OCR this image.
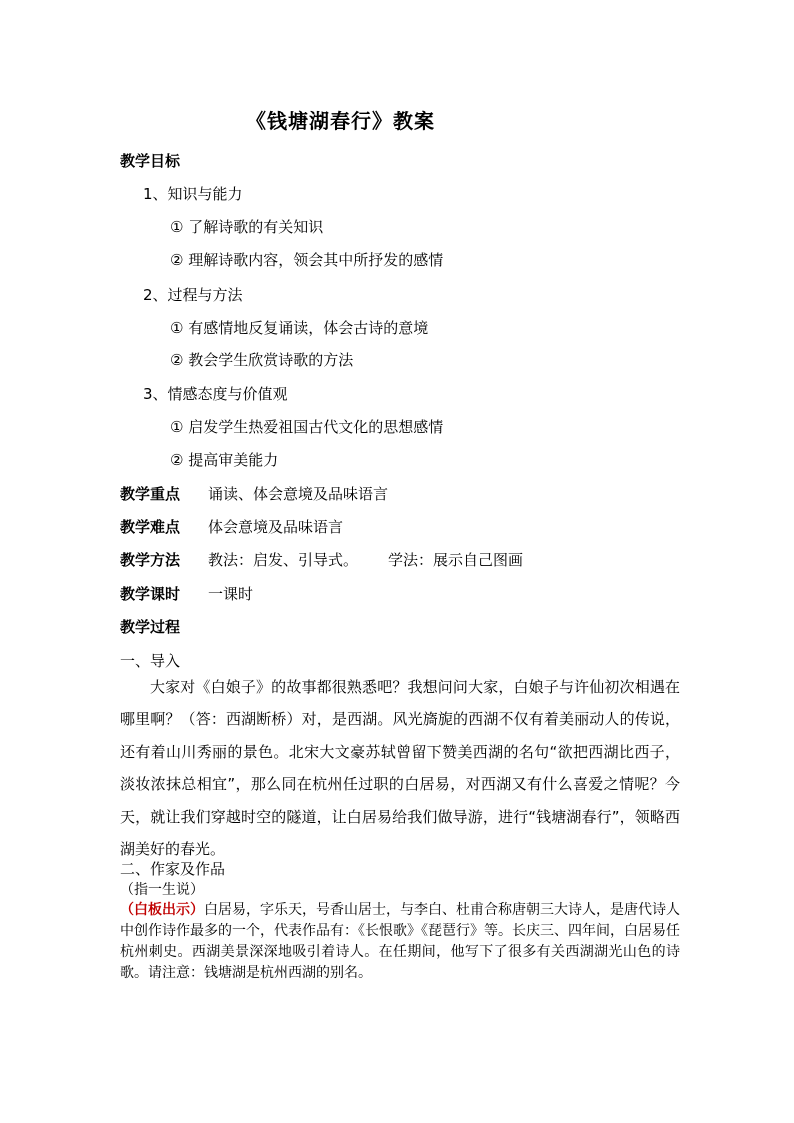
《钱塘湖春行》教案
教学目标
1、知识与能力
① 了解诗歌的有关知识
② 理解诗歌内容，领会其中所抒发的感情
2、过程与方法
① 有感情地反复诵读，体会古诗的意境
② 教会学生欣赏诗歌的方法
3、情感态度与价值观
① 启发学生热爱祖国古代文化的思想感情
② 提高审美能力
教学重点 诵读、体会意境及品味语言
教学难点 体会意境及品味语言
教学方法 教法：启发、引导式。 学法：展示自己图画
教学课时 一课时
教学过程
一、导入
大家对《白娘子》的故事都很熟悉吧？我想问问大家，白娘子与许仙初次相遇在哪里啊？（答：西湖断桥）对，是西湖。风光旖旎的西湖不仅有着美丽动人的传说，还有着山川秀丽的景色。北宋大文豪苏轼曾留下赞美西湖的名句“欲把西湖比西子，淡妆浓抹总相宜”，那么同在杭州任过职的白居易，对西湖又有什么喜爱之情呢？今天，就让我们穿越时空的隧道，让白居易给我们做导游，进行“钱塘湖春行”，领略西湖美好的春光。
二、作家及作品
（指一生说）
（白板出示）白居易，字乐天，号香山居士，与李白、杜甫合称唐朝三大诗人，是唐代诗人中创作诗作最多的一个，代表作品有：《长恨歌》《琵琶行》等。长庆三、四年间，白居易任杭州刺史。西湖美景深深地吸引着诗人。在任期间，他写下了很多有关西湖湖光山色的诗歌。请注意：钱塘湖是杭州西湖的别名。
